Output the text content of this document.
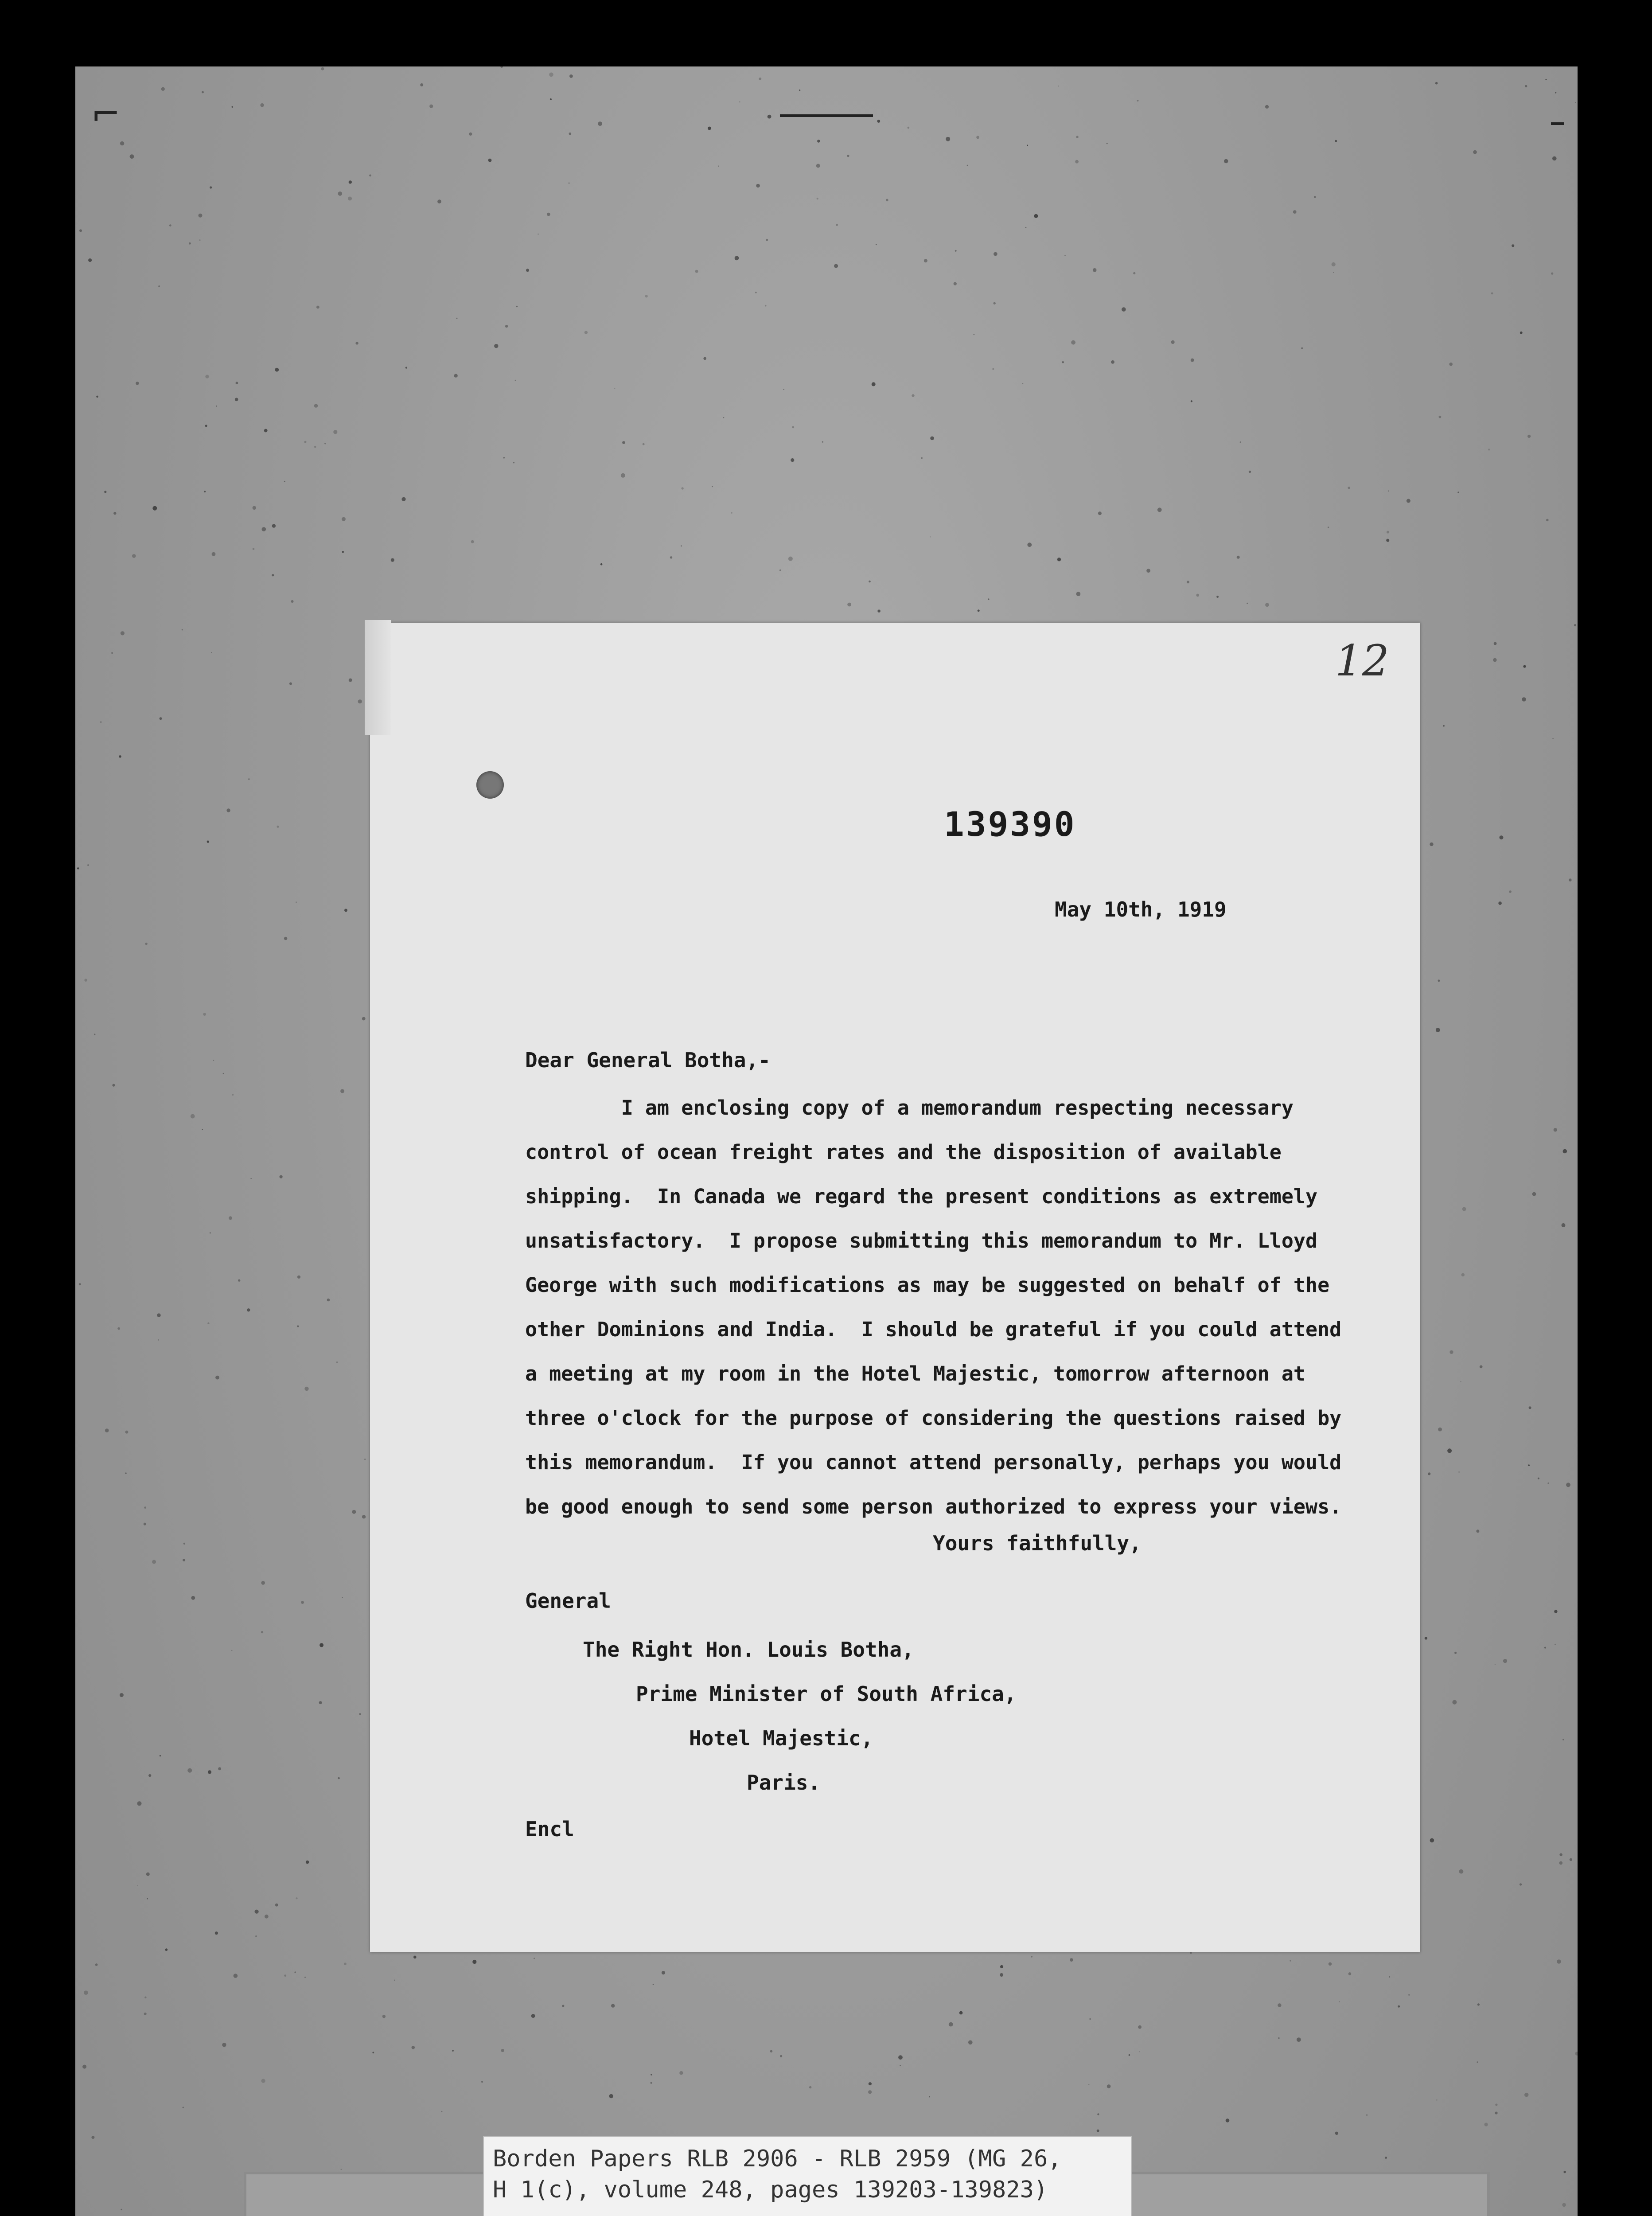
⌐
12
139390
May 10th, 1919
Dear General Botha,-
I am enclosing copy of a memorandum respecting necessary
control of ocean freight rates and the disposition of available
shipping.  In Canada we regard the present conditions as extremely
unsatisfactory.  I propose submitting this memorandum to Mr. Lloyd
George with such modifications as may be suggested on behalf of the
other Dominions and India.  I should be grateful if you could attend
a meeting at my room in the Hotel Majestic, tomorrow afternoon at
three o'clock for the purpose of considering the questions raised by
this memorandum.  If you cannot attend personally, perhaps you would
be good enough to send some person authorized to express your views.
Yours faithfully,
General
The Right Hon. Louis Botha,
Prime Minister of South Africa,
Hotel Majestic,
Paris.
Encl
Borden Papers RLB 2906 - RLB 2959 (MG 26,
H 1(c), volume 248, pages 139203-139823)
